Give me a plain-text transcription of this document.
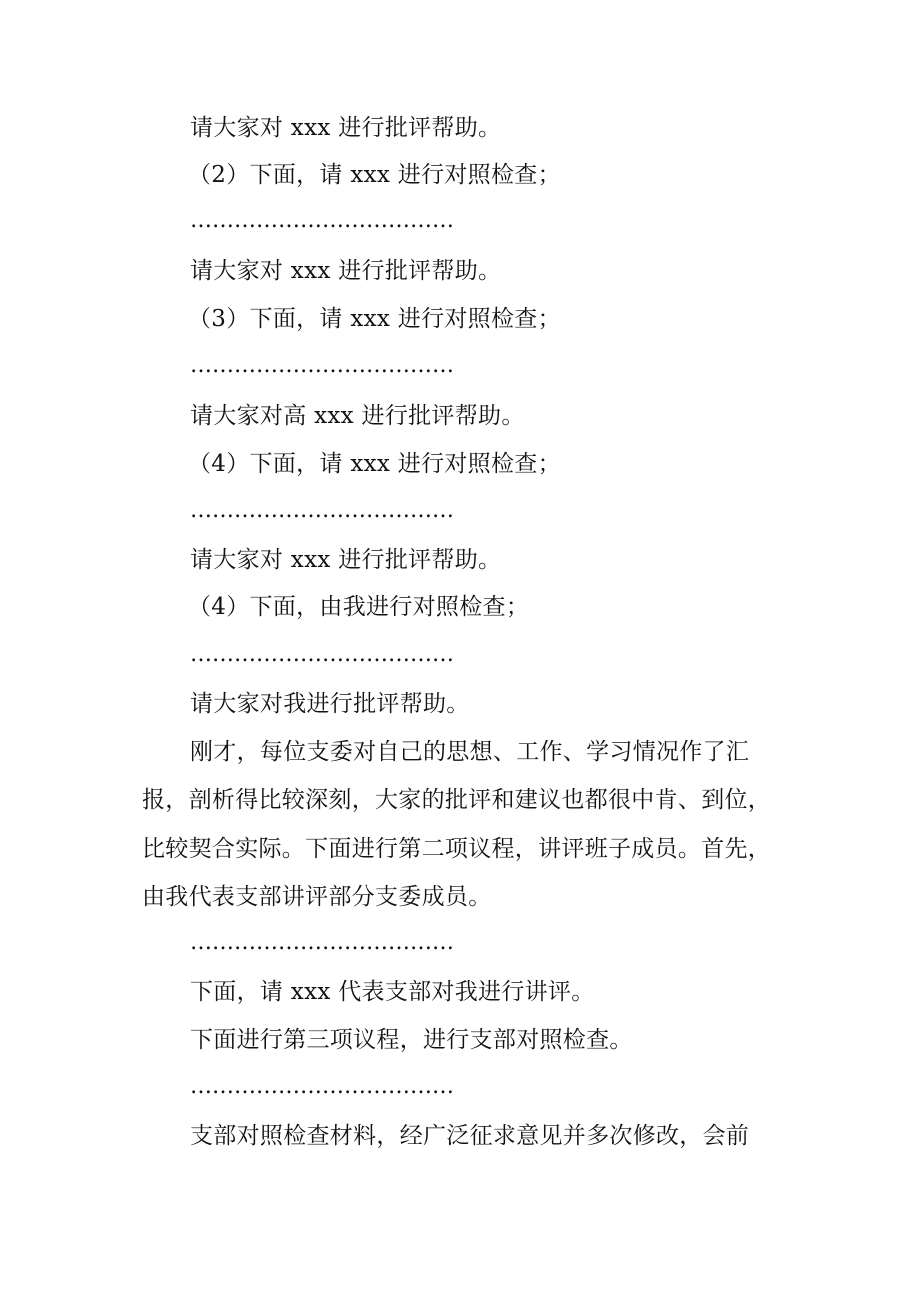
请大家对 xxx 进行批评帮助。
（2）下面，请 xxx 进行对照检查；
………………………………
请大家对 xxx 进行批评帮助。
（3）下面，请 xxx 进行对照检查；
………………………………
请大家对高 xxx 进行批评帮助。
（4）下面，请 xxx 进行对照检查；
………………………………
请大家对 xxx 进行批评帮助。
（4）下面，由我进行对照检查；
………………………………
请大家对我进行批评帮助。
刚才，每位支委对自己的思想、工作、学习情况作了汇
报，剖析得比较深刻，大家的批评和建议也都很中肯、到位，
比较契合实际。下面进行第二项议程，讲评班子成员。首先，
由我代表支部讲评部分支委成员。
………………………………
下面，请 xxx 代表支部对我进行讲评。
下面进行第三项议程，进行支部对照检查。
………………………………
支部对照检查材料，经广泛征求意见并多次修改，会前
